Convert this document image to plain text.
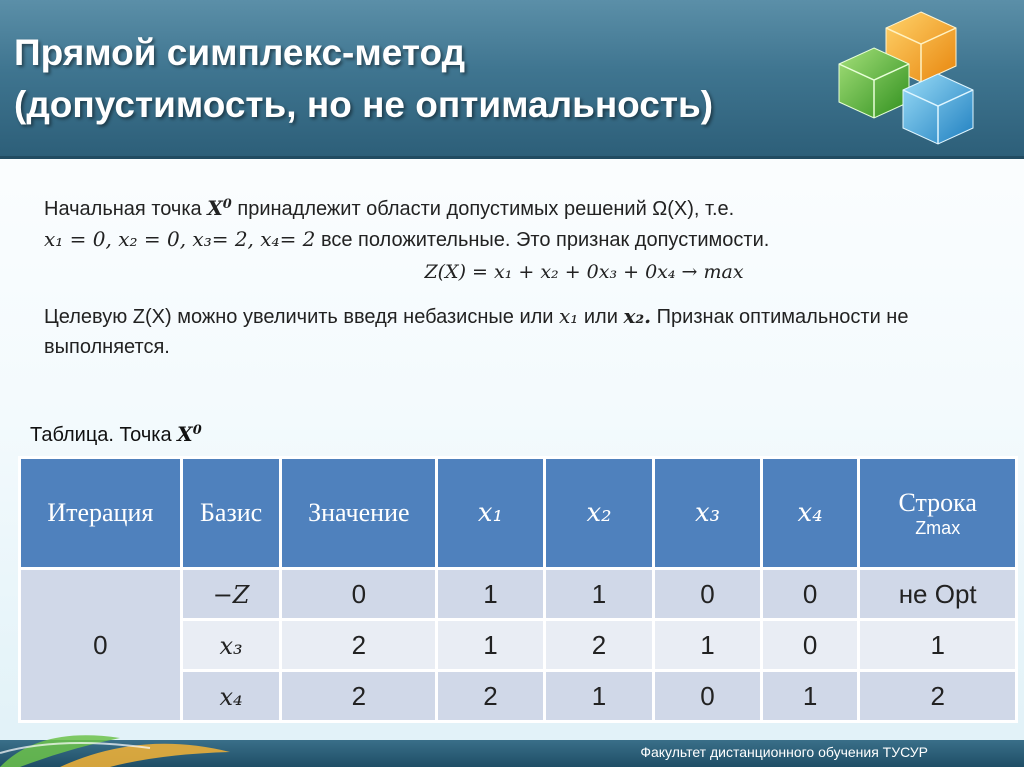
Прямой симплекс-метод
(допустимость, но не оптимальность)

Начальная точка $X^0$ принадлежит области допустимых решений Ω(X), т.е.
x₁ = 0, x₂ = 0, x₃= 2, x₄= 2 все положительные. Это признак допустимости.

Z(X) = x₁ + x₂ + 0x₃ + 0x₄ → max

Целевую Z(X) можно увеличить введя небазисные или x₁ или x₂. Признак оптимальности не выполняется.

Таблица. Точка $X^0$
Итерация	Базис	Значение	x₁	x₂	x₃	x₄	Строка
Zmax

0	−Z	0	1	1	0	0	не Opt
	x₃	2	1	2	1	0	1
	x₄	2	2	1	0	1	2
Факультет дистанционного обучения ТУСУР
